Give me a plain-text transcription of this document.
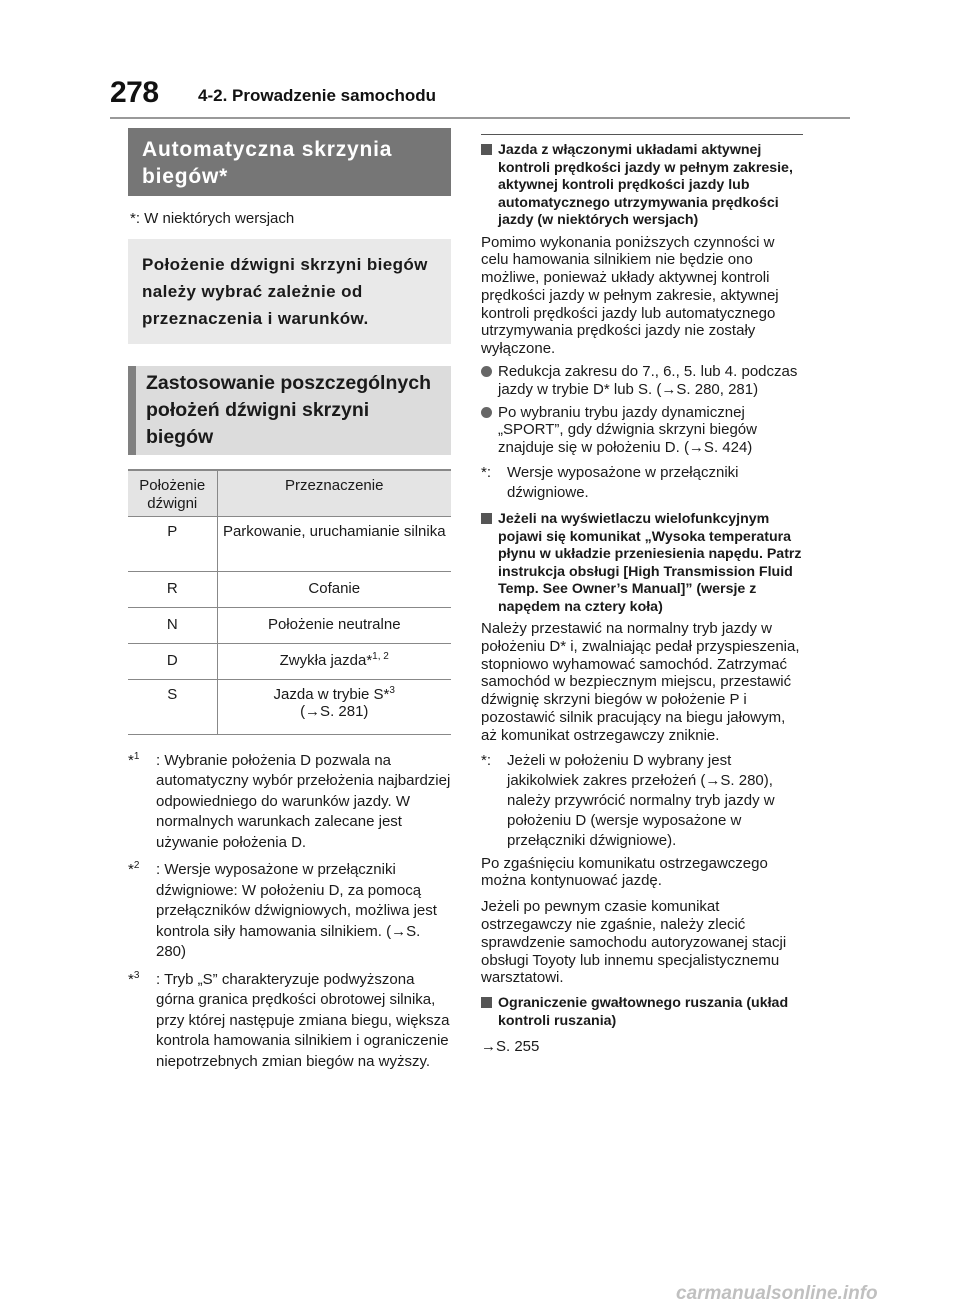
278 4-2. Prowadzenie samochodu
Automatyczna skrzynia biegów*
*: W niektórych wersjach
Położenie dźwigni skrzyni biegów należy wybrać zależnie od przeznaczenia i warunków.
Zastosowanie poszczególnych położeń dźwigni skrzyni biegów
Położenie dźwigni	Przeznaczenie
P	Parkowanie, uruchamianie silnika
R	Cofanie
N	Położenie neutralne
D	Zwykła jazda*$^{1, 2}$
S	Jazda w trybie S*$^3$
(→S. 281)
*$^1$ : Wybranie położenia D pozwala na automatyczny wybór przełożenia najbardziej odpowiedniego do warunków jazdy. W normalnych warunkach zalecane jest używanie położenia D.
*$^2$ : Wersje wyposażone w przełączniki dźwigniowe: W położeniu D, za pomocą przełączników dźwigniowych, możliwa jest kontrola siły hamowania silnikiem. (→S. 280)
*$^3$ : Tryb „S” charakteryzuje podwyższona górna granica prędkości obrotowej silnika, przy której następuje zmiana biegu, większa kontrola hamowania silnikiem i ograniczenie niepotrzebnych zmian biegów na wyższy.
Jazda z włączonymi układami aktywnej kontroli prędkości jazdy w pełnym zakresie, aktywnej kontroli prędkości jazdy lub automatycznego utrzymywania prędkości jazdy (w niektórych wersjach)
Pomimo wykonania poniższych czynności w celu hamowania silnikiem nie będzie ono możliwe, ponieważ układy aktywnej kontroli prędkości jazdy w pełnym zakresie, aktywnej kontroli prędkości jazdy lub automatycznego utrzymywania prędkości jazdy nie zostały wyłączone.
Redukcja zakresu do 7., 6., 5. lub 4. podczas jazdy w trybie D* lub S. (→S. 280, 281)
Po wybraniu trybu jazdy dynamicznej „SPORT”, gdy dźwignia skrzyni biegów znajduje się w położeniu D. (→S. 424)
*: Wersje wyposażone w przełączniki dźwigniowe.
Jeżeli na wyświetlaczu wielofunkcyjnym pojawi się komunikat „Wysoka temperatura płynu w układzie przeniesienia napędu. Patrz instrukcja obsługi [High Transmission Fluid Temp. See Owner’s Manual]” (wersje z napędem na cztery koła)
Należy przestawić na normalny tryb jazdy w położeniu D* i, zwalniając pedał przyspieszenia, stopniowo wyhamować samochód. Zatrzymać samochód w bezpiecznym miejscu, przestawić dźwignię skrzyni biegów w położenie P i pozostawić silnik pracujący na biegu jałowym, aż komunikat ostrzegawczy zniknie.
*: Jeżeli w położeniu D wybrany jest jakikolwiek zakres przełożeń (→S. 280), należy przywrócić normalny tryb jazdy w położeniu D (wersje wyposażone w przełączniki dźwigniowe).
Po zgaśnięciu komunikatu ostrzegawczego można kontynuować jazdę.
Jeżeli po pewnym czasie komunikat ostrzegawczy nie zgaśnie, należy zlecić sprawdzenie samochodu autoryzowanej stacji obsługi Toyoty lub innemu specjalistycznemu warsztatowi.
Ograniczenie gwałtownego ruszania (układ kontroli ruszania)
→S. 255
carmanualsonline.info
